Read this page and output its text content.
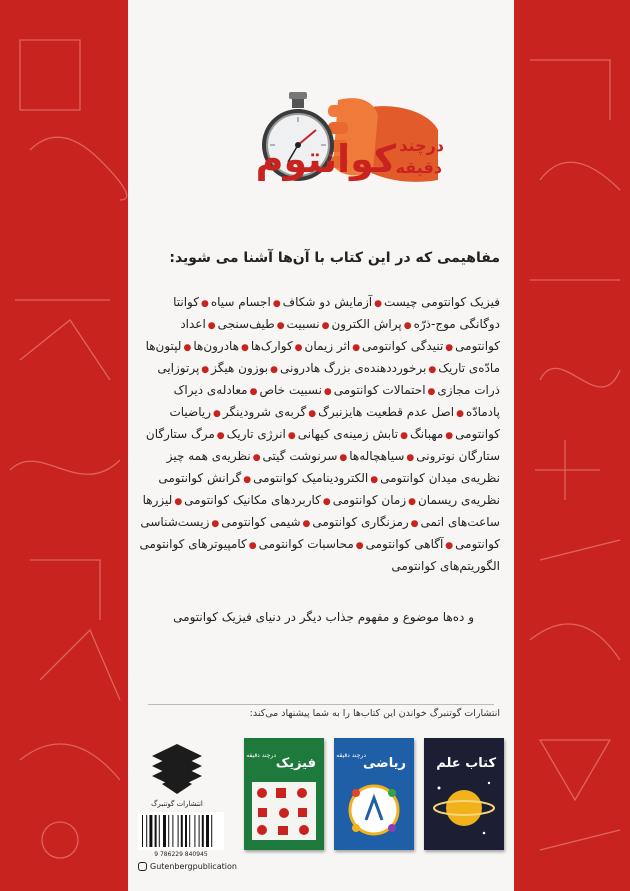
کوانتوم درچند
دقیقه
مفاهیمی که در این کتاب با آن‌ها آشنا می شوید:
فیزیک کوانتومی چیست●آزمایش دو شکاف●اجسام سیاه●کوانتا
دوگانگی موج-ذرّه●پراش الکترون●نسبیت●طیف‌سنجی●اعداد
کوانتومی●تنیدگی کوانتومی●اثر زیمان●کوارک‌ها●هادرون‌ها●لپتون‌ها
مادّه‌ی تاریک●برخورددهنده‌ی بزرگ هادرونی●بوزون هیگز●پرتوزایی
ذرات مجازی●احتمالات کوانتومی●نسبیت خاص●معادله‌ی دیراک
پادمادّه●اصل عدم قطعیت هایزنبرگ●گربه‌ی شرودینگر●ریاضیات
کوانتومی●مهبانگ●تابش زمینه‌ی کیهانی●انرژی تاریک●مرگ ستارگان
ستارگان نوترونی●سیاهچاله‌ها●سرنوشت گیتی●نظریه‌ی همه چیز
نظریه‌ی میدان کوانتومی●الکترودینامیک کوانتومی●گرانش کوانتومی
نظریه‌ی ریسمان●زمان کوانتومی●کاربردهای مکانیک کوانتومی●لیزرها
ساعت‌های اتمی●رمزنگاری کوانتومی●شیمی کوانتومی●زیست‌شناسی
کوانتومی●آگاهی کوانتومی●محاسبات کوانتومی●کامپیوترهای کوانتومی
الگوریتم‌های کوانتومی
و ده‌ها موضوع و مفهوم جذاب دیگر در دنیای فیزیک کوانتومی
انتشارات گوتنبرگ خواندن این کتاب‌ها را به شما پیشنهاد می‌کند:
کتاب علم
ریاضی
درچند دقیقه
فیزیک
درچند دقیقه
انتشارات گوتنبرگ
9 786229 840945
Gutenbergpublication
